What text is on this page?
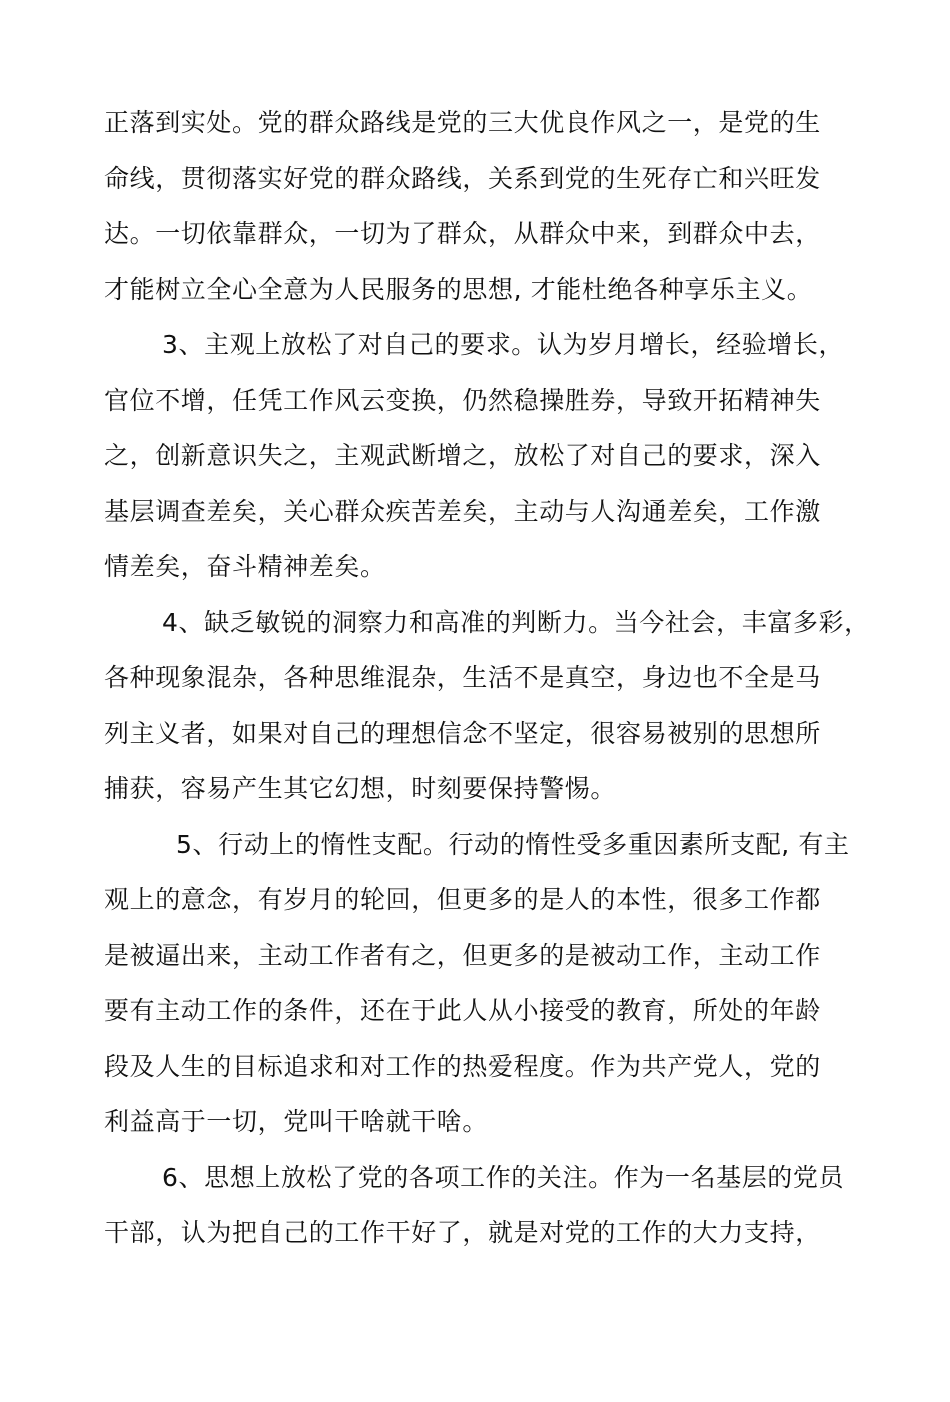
正落到实处。党的群众路线是党的三大优良作风之一，是党的生
命线，贯彻落实好党的群众路线，关系到党的生死存亡和兴旺发
达。一切依靠群众，一切为了群众，从群众中来，到群众中去，
才能树立全心全意为人民服务的思想, 才能杜绝各种享乐主义。
3、主观上放松了对自己的要求。认为岁月增长，经验增长，
官位不增，任凭工作风云变换，仍然稳操胜券，导致开拓精神失
之，创新意识失之，主观武断增之，放松了对自己的要求，深入
基层调查差矣，关心群众疾苦差矣，主动与人沟通差矣，工作激
情差矣，奋斗精神差矣。
4、缺乏敏锐的洞察力和高准的判断力。当今社会，丰富多彩，
各种现象混杂，各种思维混杂，生活不是真空，身边也不全是马
列主义者，如果对自己的理想信念不坚定，很容易被别的思想所
捕获，容易产生其它幻想，时刻要保持警惕。
5、行动上的惰性支配。行动的惰性受多重因素所支配, 有主
观上的意念，有岁月的轮回，但更多的是人的本性，很多工作都
是被逼出来，主动工作者有之，但更多的是被动工作，主动工作
要有主动工作的条件，还在于此人从小接受的教育，所处的年龄
段及人生的目标追求和对工作的热爱程度。作为共产党人，党的
利益高于一切，党叫干啥就干啥。
6、思想上放松了党的各项工作的关注。作为一名基层的党员
干部，认为把自己的工作干好了，就是对党的工作的大力支持，
